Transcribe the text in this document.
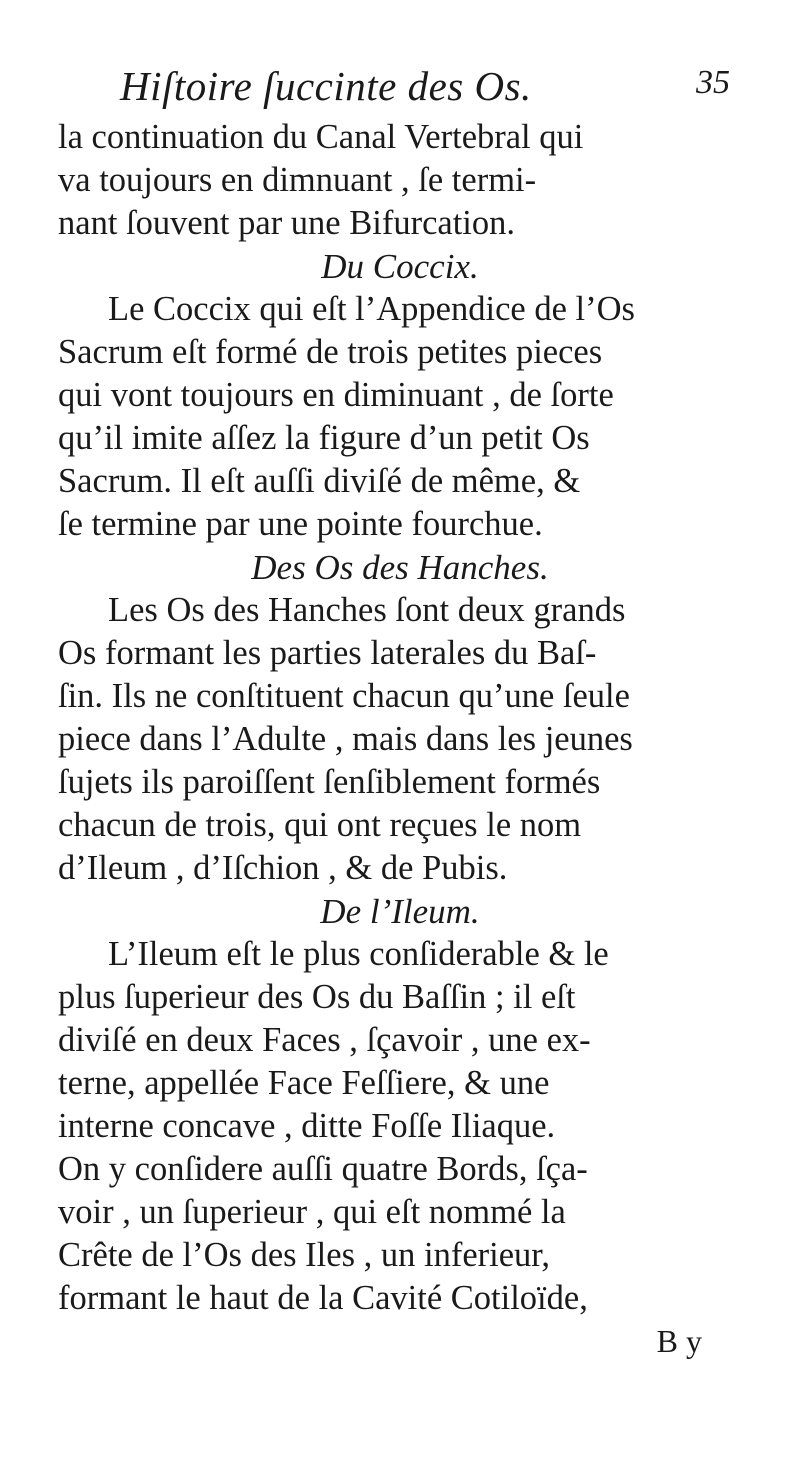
Hiſtoire ſuccinte des Os.	35
la continuation du Canal Vertebral qui
va toujours en dimnuant , ſe termi-
nant ſouvent par une Bifurcation.
Du Coccix.
Le Coccix qui eſt l’Appendice de l’Os
Sacrum eſt formé de trois petites pieces
qui vont toujours en diminuant , de ſorte
qu’il imite aſſez la figure d’un petit Os
Sacrum. Il eſt auſſi diviſé de même, &
ſe termine par une pointe fourchue.
Des Os des Hanches.
Les Os des Hanches ſont deux grands
Os formant les parties laterales du Baſ-
ſin. Ils ne conſtituent chacun qu’une ſeule
piece dans l’Adulte , mais dans les jeunes
ſujets ils paroiſſent ſenſiblement formés
chacun de trois, qui ont reçues le nom
d’Ileum , d’Iſchion , & de Pubis.
De l’Ileum.
L’Ileum eſt le plus conſiderable & le
plus ſuperieur des Os du Baſſin ; il eſt
diviſé en deux Faces , ſçavoir , une ex-
terne, appellée Face Feſſiere, & une
interne concave , ditte Foſſe Iliaque.
On y conſidere auſſi quatre Bords, ſça-
voir , un ſuperieur , qui eſt nommé la
Crête de l’Os des Iles , un inferieur,
formant le haut de la Cavité Cotiloïde,
B y
